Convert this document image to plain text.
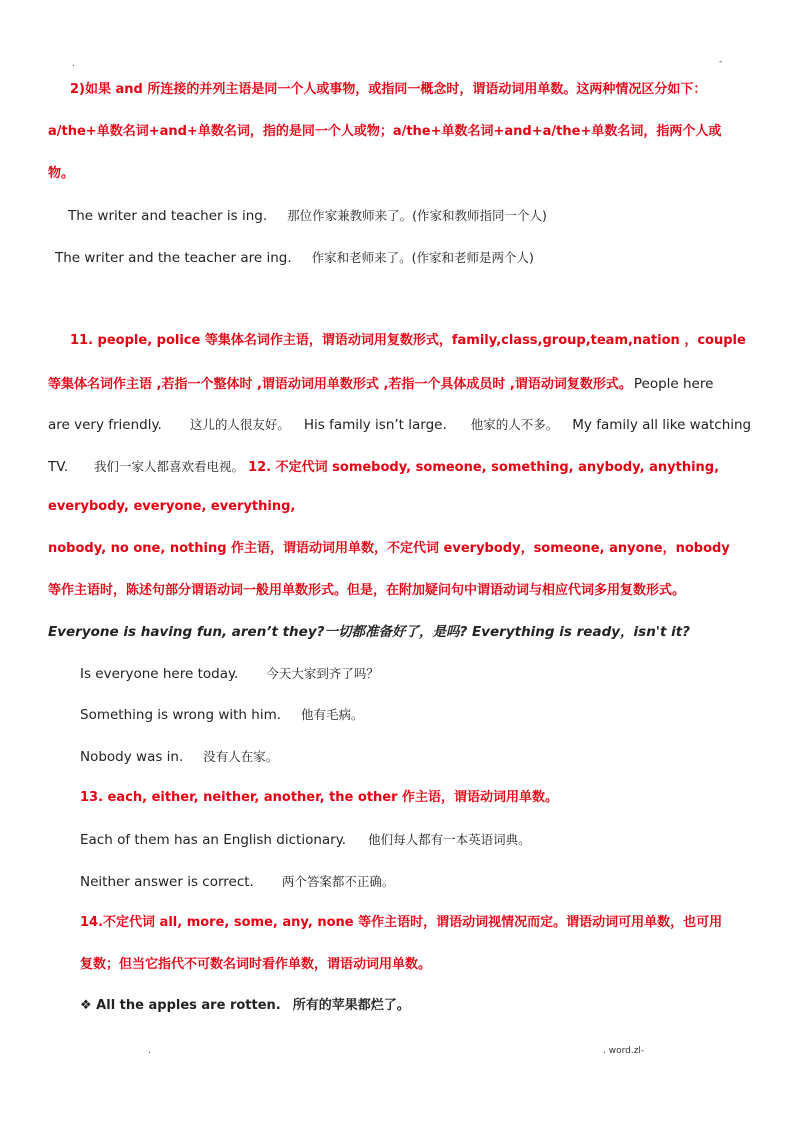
.	-
2)如果 and 所连接的并列主语是同一个人或事物，或指同一概念时，谓语动词用单数。这两种情况区分如下：
a/the+单数名词+and+单数名词，指的是同一个人或物；a/the+单数名词+and+a/the+单数名词，指两个人或
物。
The writer and teacher is ing. 那位作家兼教师来了。(作家和教师指同一个人)
The writer and the teacher are ing. 作家和老师来了。(作家和老师是两个人)
11. people, police 等集体名词作主语，谓语动词用复数形式，family,class,group,team,nation ，couple
等集体名词作主语 ,若指一个整体时 ,谓语动词用单数形式 ,若指一个具体成员时 ,谓语动词复数形式。 People here
are very friendly. 这儿的人很友好。 His family isn’t large. 他家的人不多。 My family all like watching
TV. 我们一家人都喜欢看电视。 12. 不定代词 somebody, someone, something, anybody, anything,
everybody, everyone, everything,
nobody, no one, nothing 作主语，谓语动词用单数，不定代词 everybody，someone, anyone，nobody
等作主语时，陈述句部分谓语动词一般用单数形式。但是，在附加疑问句中谓语动词与相应代词多用复数形式。
Everyone is having fun, aren’t they?一切都准备好了，是吗? Everything is ready，isn't it?
Is everyone here today. 今天大家到齐了吗？
Something is wrong with him. 他有毛病。
Nobody was in. 没有人在家。
13. each, either, neither, another, the other 作主语，谓语动词用单数。
Each of them has an English dictionary. 他们每人都有一本英语词典。
Neither answer is correct. 两个答案都不正确。
14.不定代词 all, more, some, any, none 等作主语时，谓语动词视情况而定。谓语动词可用单数，也可用
复数；但当它指代不可数名词时看作单数，谓语动词用单数。
❖ All the apples are rotten. 所有的苹果都烂了。
.	. word.zl-
